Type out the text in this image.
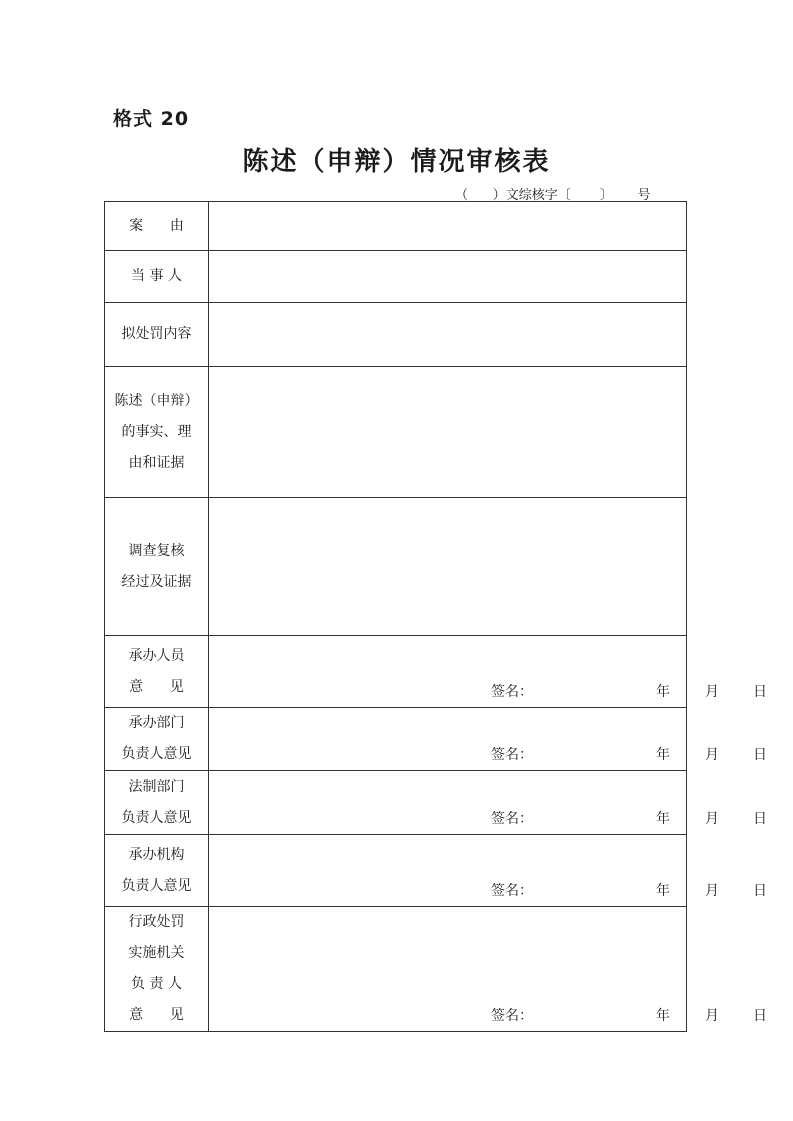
格式 20
陈述（申辩）情况审核表
（      ）文综核字〔       〕      号
案      由	

当 事 人	

拟处罚内容	

陈述（申辩）
的事实、理
由和证据	

调查复核
经过及证据	

承办人员
意      见	签名： 年 月 日

承办部门
负责人意见	签名： 年 月 日

法制部门
负责人意见	签名： 年 月 日

承办机构
负责人意见	签名： 年 月 日

行政处罚
实施机关
负 责 人
意      见	签名： 年 月 日
